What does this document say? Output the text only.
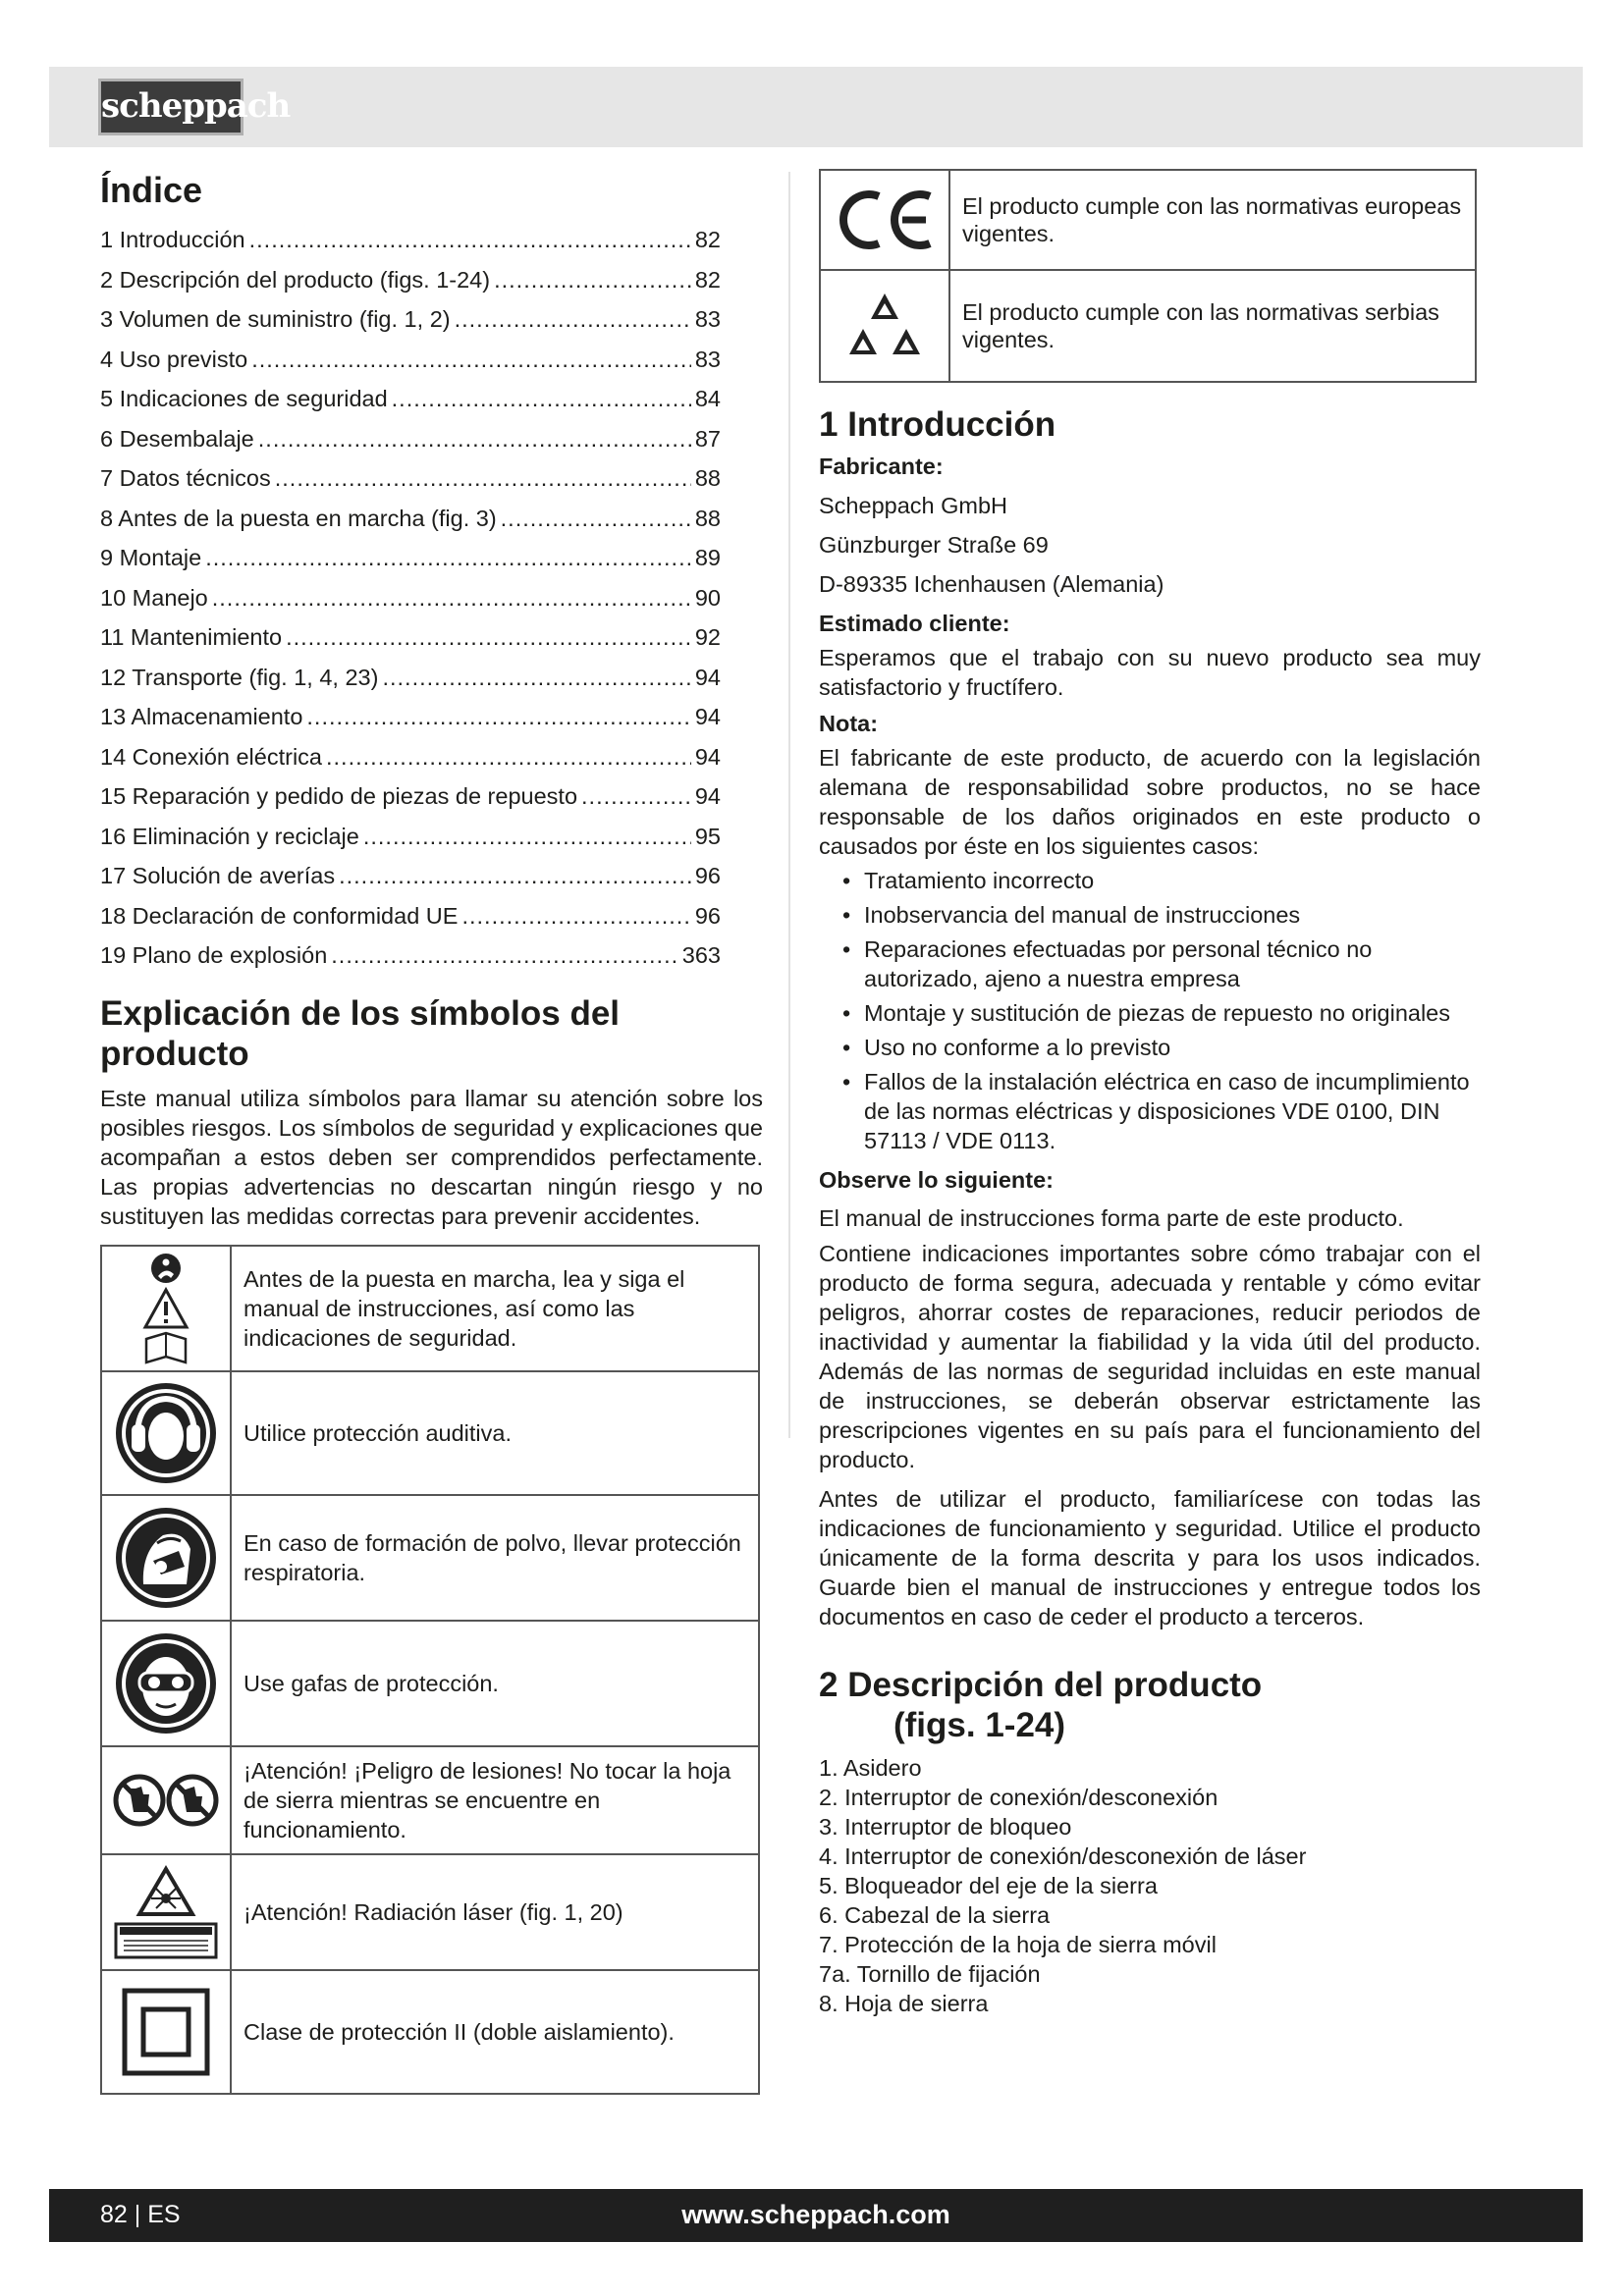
scheppach
Índice
1 Introducción .....	82
2 Descripción del producto (figs. 1-24) .....	82
3 Volumen de suministro (fig. 1, 2) .....	83
4 Uso previsto .....	83
5 Indicaciones de seguridad .....	84
6 Desembalaje .....	87
7 Datos técnicos .....	88
8 Antes de la puesta en marcha (fig. 3) .....	88
9 Montaje .....	89
10 Manejo .....	90
11 Mantenimiento .....	92
12 Transporte (fig. 1, 4, 23) .....	94
13 Almacenamiento .....	94
14 Conexión eléctrica .....	94
15 Reparación y pedido de piezas de repuesto .....	94
16 Eliminación y reciclaje .....	95
17 Solución de averías .....	96
18 Declaración de conformidad UE .....	96
19 Plano de explosión .....	363
Explicación de los símbolos del producto

Este manual utiliza símbolos para llamar su atención sobre los posibles riesgos. Los símbolos de seguridad y explicaciones que acompañan a estos deben ser comprendidos perfectamente. Las propias advertencias no descartan ningún riesgo y no sustituyen las medidas correctas para prevenir accidentes.

	Antes de la puesta en marcha, lea y siga el manual de instrucciones, así como las indicaciones de seguridad.

	Utilice protección auditiva.

	En caso de formación de polvo, llevar protección respiratoria.

	Use gafas de protección.

	¡Atención! ¡Peligro de lesiones! No tocar la hoja de sierra mientras se encuentre en funcionamiento.

	¡Atención! Radiación láser (fig. 1, 20)

	Clase de protección II (doble aislamiento).
	El producto cumple con las normativas europeas vigentes.

	El producto cumple con las normativas serbias vigentes.
1 Introducción
Fabricante:
Scheppach GmbH
Günzburger Straße 69
D-89335 Ichenhausen (Alemania)
Estimado cliente:

Esperamos que el trabajo con su nuevo producto sea muy satisfactorio y fructífero.

Nota:

El fabricante de este producto, de acuerdo con la legislación alemana de responsabilidad sobre productos, no se hace responsable de los daños originados en este producto o causados por éste en los siguientes casos:

• Tratamiento incorrecto
• Inobservancia del manual de instrucciones
• Reparaciones efectuadas por personal técnico no autorizado, ajeno a nuestra empresa
• Montaje y sustitución de piezas de repuesto no originales
• Uso no conforme a lo previsto
• Fallos de la instalación eléctrica en caso de incumplimiento de las normas eléctricas y disposiciones VDE 0100, DIN 57113 / VDE 0113.
Observe lo siguiente:

El manual de instrucciones forma parte de este producto.

Contiene indicaciones importantes sobre cómo trabajar con el producto de forma segura, adecuada y rentable y cómo evitar peligros, ahorrar costes de reparaciones, reducir periodos de inactividad y aumentar la fiabilidad y la vida útil del producto. Además de las normas de seguridad incluidas en este manual de instrucciones, se deberán observar estrictamente las prescripciones vigentes en su país para el funcionamiento del producto.

Antes de utilizar el producto, familiarícese con todas las indicaciones de funcionamiento y seguridad. Utilice el producto únicamente de la forma descrita y para los usos indicados. Guarde bien el manual de instrucciones y entregue todos los documentos en caso de ceder el producto a terceros.

2 Descripción del producto
(figs. 1-24)
1. Asidero
2. Interruptor de conexión/desconexión
3. Interruptor de bloqueo
4. Interruptor de conexión/desconexión de láser
5. Bloqueador del eje de la sierra
6. Cabezal de la sierra
7. Protección de la hoja de sierra móvil
7a. Tornillo de fijación
8. Hoja de sierra
82 | ES	www.scheppach.com
